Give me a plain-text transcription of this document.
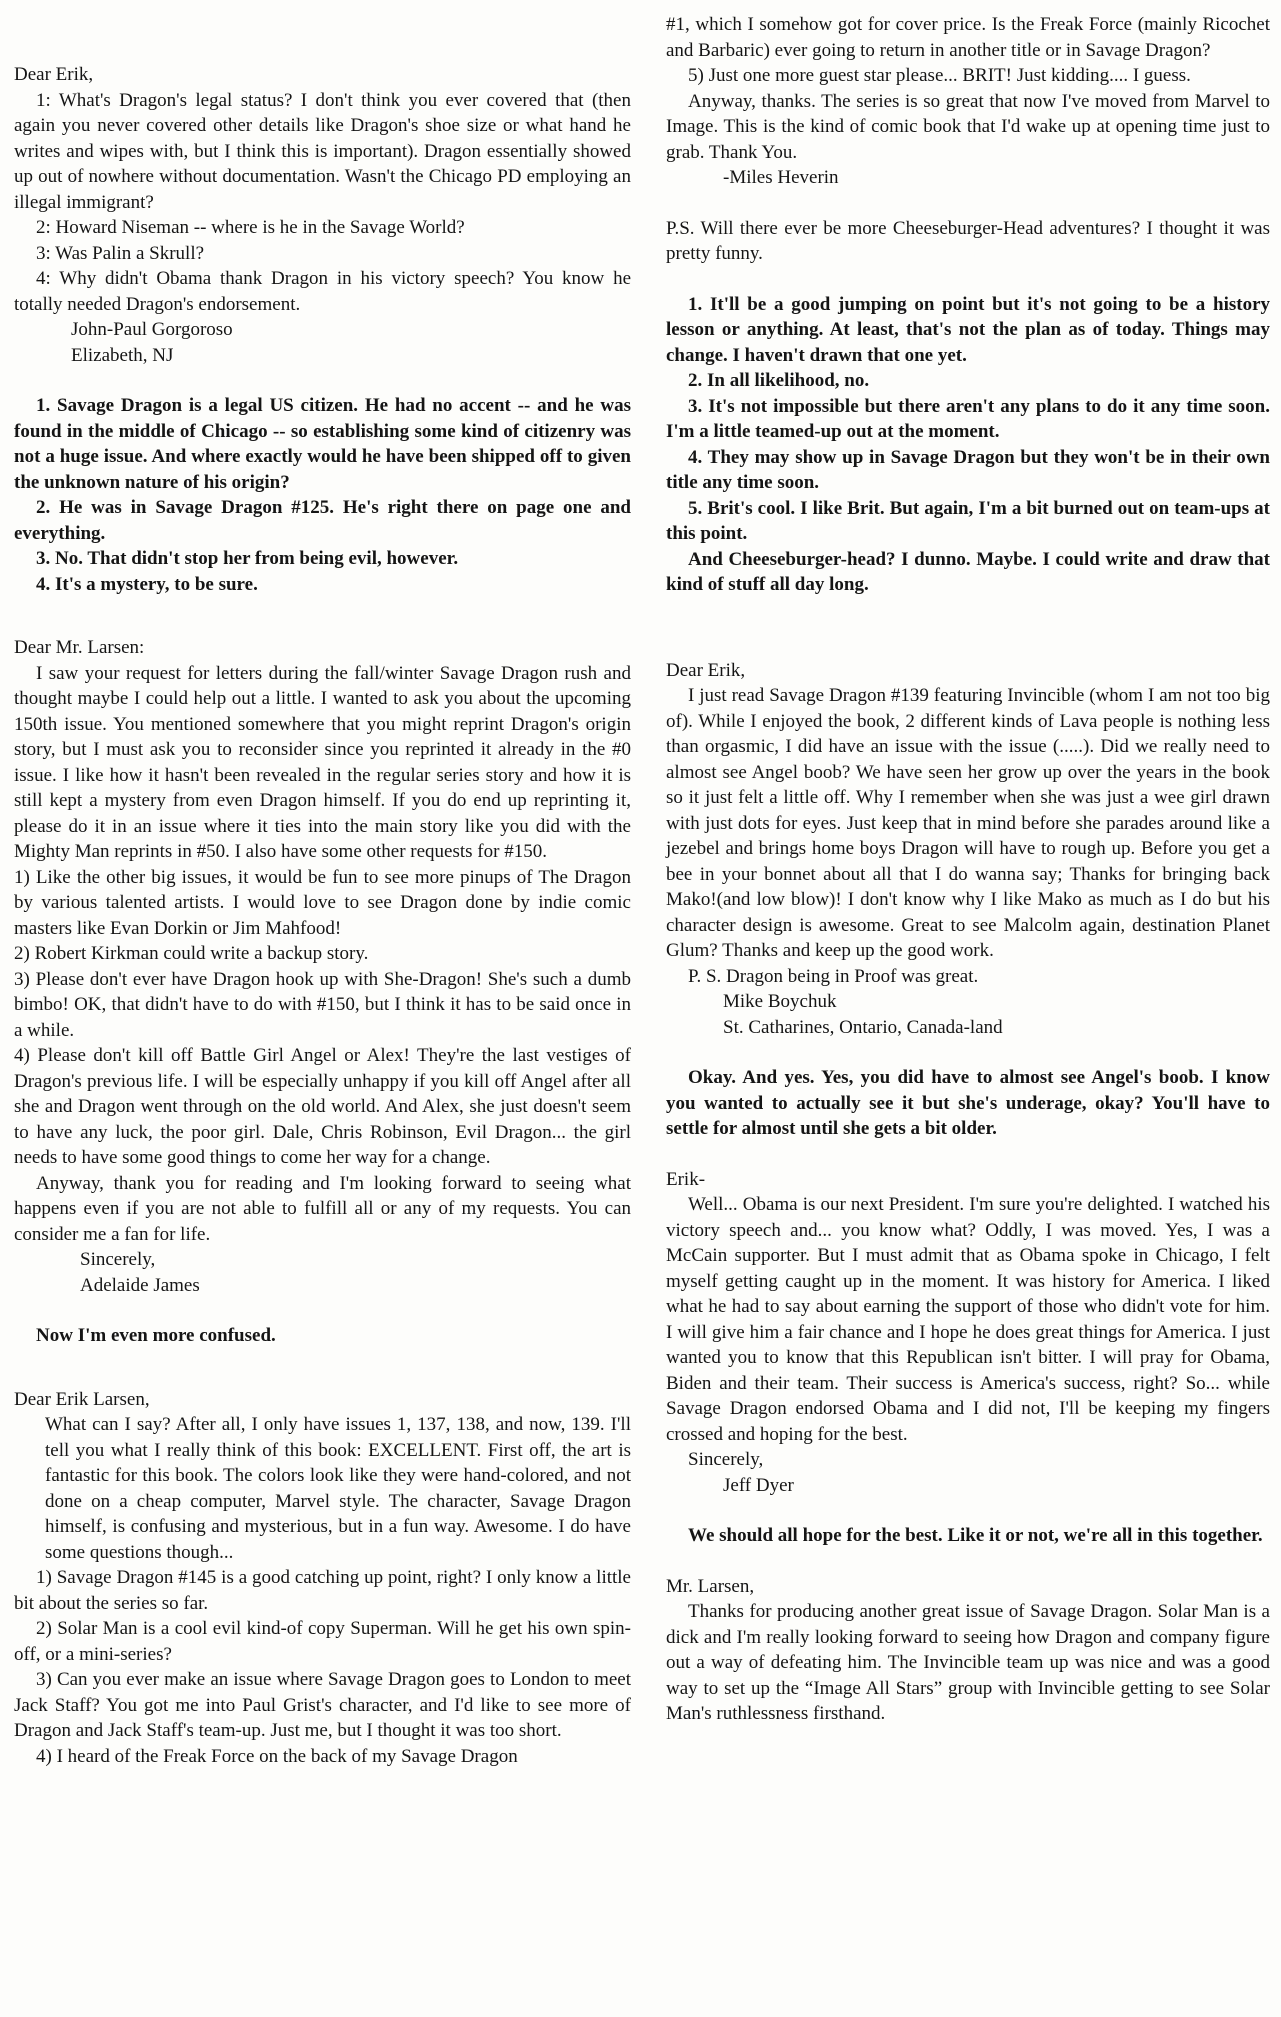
Dear Erik,

1: What's Dragon's legal status? I don't think you ever covered that (then again you never covered other details like Dragon's shoe size or what hand he writes and wipes with, but I think this is important). Dragon essentially showed up out of nowhere without documentation. Wasn't the Chicago PD employing an illegal immigrant?

2: Howard Niseman -- where is he in the Savage World?

3: Was Palin a Skrull?

4: Why didn't Obama thank Dragon in his victory speech? You know he totally needed Dragon's endorsement.

John-Paul Gorgoroso

Elizabeth, NJ

1. Savage Dragon is a legal US citizen. He had no accent -- and he was found in the middle of Chicago -- so establishing some kind of citizenry was not a huge issue. And where exactly would he have been shipped off to given the unknown nature of his origin?

2. He was in Savage Dragon #125. He's right there on page one and everything.

3. No. That didn't stop her from being evil, however.

4. It's a mystery, to be sure.

Dear Mr. Larsen:

I saw your request for letters during the fall/winter Savage Dragon rush and thought maybe I could help out a little. I wanted to ask you about the upcoming 150th issue. You mentioned somewhere that you might reprint Dragon's origin story, but I must ask you to reconsider since you reprinted it already in the #0 issue. I like how it hasn't been revealed in the regular series story and how it is still kept a mystery from even Dragon himself. If you do end up reprinting it, please do it in an issue where it ties into the main story like you did with the Mighty Man reprints in #50. I also have some other requests for #150.

1) Like the other big issues, it would be fun to see more pinups of The Dragon by various talented artists. I would love to see Dragon done by indie comic masters like Evan Dorkin or Jim Mahfood!

2) Robert Kirkman could write a backup story.

3) Please don't ever have Dragon hook up with She-Dragon! She's such a dumb bimbo! OK, that didn't have to do with #150, but I think it has to be said once in a while.

4) Please don't kill off Battle Girl Angel or Alex! They're the last vestiges of Dragon's previous life. I will be especially unhappy if you kill off Angel after all she and Dragon went through on the old world. And Alex, she just doesn't seem to have any luck, the poor girl. Dale, Chris Robinson, Evil Dragon... the girl needs to have some good things to come her way for a change.

Anyway, thank you for reading and I'm looking forward to seeing what happens even if you are not able to fulfill all or any of my requests. You can consider me a fan for life.

Sincerely,

Adelaide James

Now I'm even more confused.

Dear Erik Larsen,

What can I say? After all, I only have issues 1, 137, 138, and now, 139. I'll tell you what I really think of this book: EXCELLENT. First off, the art is fantastic for this book. The colors look like they were hand-colored, and not done on a cheap computer, Marvel style. The character, Savage Dragon himself, is confusing and mysterious, but in a fun way. Awesome. I do have some questions though...

1) Savage Dragon #145 is a good catching up point, right? I only know a little bit about the series so far.

2) Solar Man is a cool evil kind-of copy Superman. Will he get his own spin-off, or a mini-series?

3) Can you ever make an issue where Savage Dragon goes to London to meet Jack Staff? You got me into Paul Grist's character, and I'd like to see more of Dragon and Jack Staff's team-up. Just me, but I thought it was too short.

4) I heard of the Freak Force on the back of my Savage Dragon

#1, which I somehow got for cover price. Is the Freak Force (mainly Ricochet and Barbaric) ever going to return in another title or in Savage Dragon?

5) Just one more guest star please... BRIT! Just kidding.... I guess.

Anyway, thanks. The series is so great that now I've moved from Marvel to Image. This is the kind of comic book that I'd wake up at opening time just to grab. Thank You.

-Miles Heverin

P.S. Will there ever be more Cheeseburger-Head adventures? I thought it was pretty funny.

1. It'll be a good jumping on point but it's not going to be a history lesson or anything. At least, that's not the plan as of today. Things may change. I haven't drawn that one yet.

2. In all likelihood, no.

3. It's not impossible but there aren't any plans to do it any time soon. I'm a little teamed-up out at the moment.

4. They may show up in Savage Dragon but they won't be in their own title any time soon.

5. Brit's cool. I like Brit. But again, I'm a bit burned out on team-ups at this point.

And Cheeseburger-head? I dunno. Maybe. I could write and draw that kind of stuff all day long.

Dear Erik,

I just read Savage Dragon #139 featuring Invincible (whom I am not too big of). While I enjoyed the book, 2 different kinds of Lava people is nothing less than orgasmic, I did have an issue with the issue (.....). Did we really need to almost see Angel boob? We have seen her grow up over the years in the book so it just felt a little off. Why I remember when she was just a wee girl drawn with just dots for eyes. Just keep that in mind before she parades around like a jezebel and brings home boys Dragon will have to rough up. Before you get a bee in your bonnet about all that I do wanna say; Thanks for bringing back Mako!(and low blow)! I don't know why I like Mako as much as I do but his character design is awesome. Great to see Malcolm again, destination Planet Glum? Thanks and keep up the good work.

P. S. Dragon being in Proof was great.

Mike Boychuk

St. Catharines, Ontario, Canada-land

Okay. And yes. Yes, you did have to almost see Angel's boob. I know you wanted to actually see it but she's underage, okay? You'll have to settle for almost until she gets a bit older.

Erik-

Well... Obama is our next President. I'm sure you're delighted. I watched his victory speech and... you know what? Oddly, I was moved. Yes, I was a McCain supporter. But I must admit that as Obama spoke in Chicago, I felt myself getting caught up in the moment. It was history for America. I liked what he had to say about earning the support of those who didn't vote for him. I will give him a fair chance and I hope he does great things for America. I just wanted you to know that this Republican isn't bitter. I will pray for Obama, Biden and their team. Their success is America's success, right? So... while Savage Dragon endorsed Obama and I did not, I'll be keeping my fingers crossed and hoping for the best.

Sincerely,

Jeff Dyer

We should all hope for the best. Like it or not, we're all in this together.

Mr. Larsen,

Thanks for producing another great issue of Savage Dragon. Solar Man is a dick and I'm really looking forward to seeing how Dragon and company figure out a way of defeating him. The Invincible team up was nice and was a good way to set up the “Image All Stars” group with Invincible getting to see Solar Man's ruthlessness firsthand.
